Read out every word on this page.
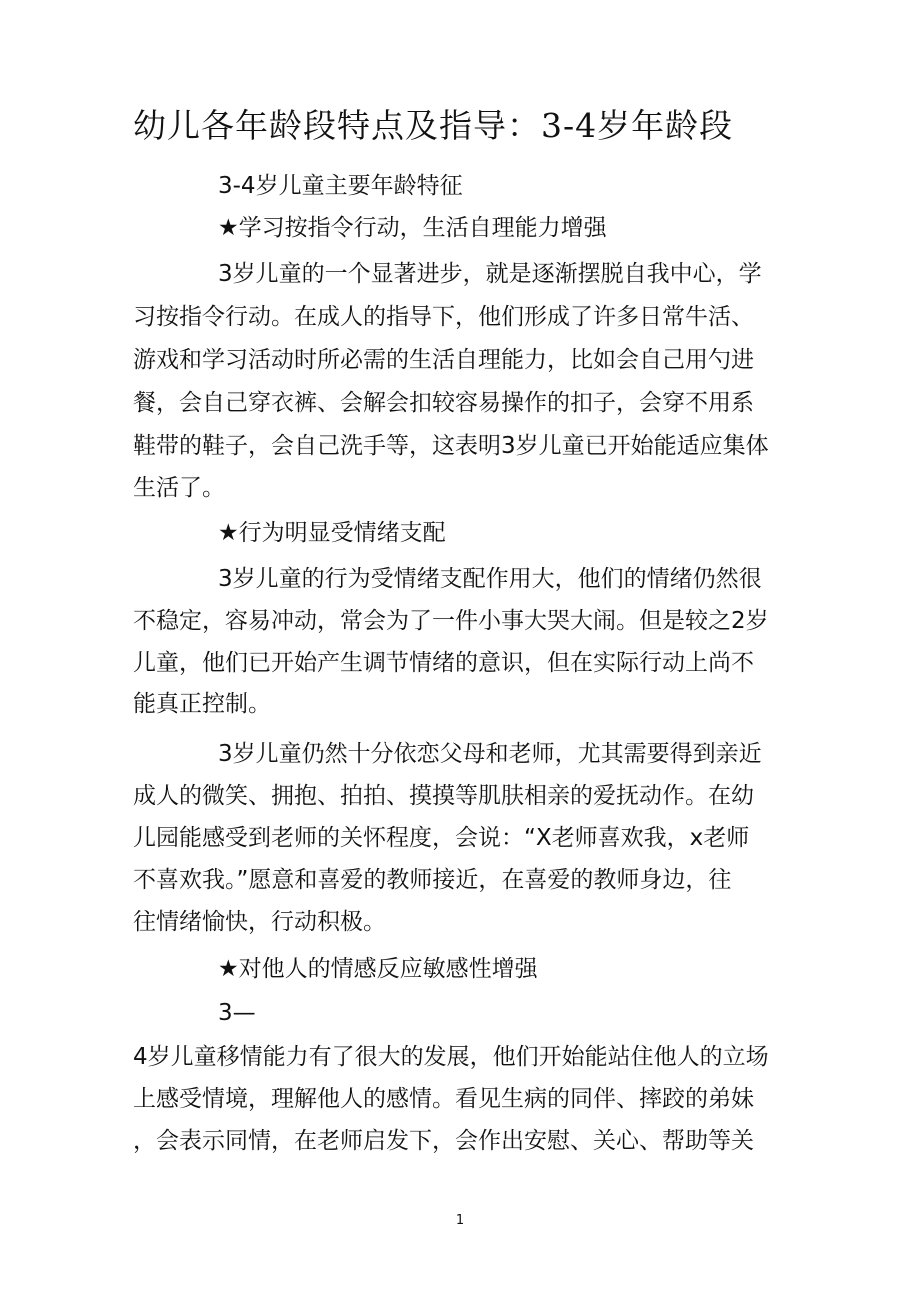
幼儿各年龄段特点及指导：3-4岁年龄段
3-4岁儿童主要年龄特征
★学习按指令行动，生活自理能力增强
3岁儿童的一个显著进步，就是逐渐摆脱自我中心，学
习按指令行动。在成人的指导下，他们形成了许多日常牛活、
游戏和学习活动时所必需的生活自理能力，比如会自己用勺进
餐，会自己穿衣裤、会解会扣较容易操作的扣子，会穿不用系
鞋带的鞋子，会自己洗手等，这表明3岁儿童已开始能适应集体
生活了。
★行为明显受情绪支配
3岁儿童的行为受情绪支配作用大，他们的情绪仍然很
不稳定，容易冲动，常会为了一件小事大哭大闹。但是较之2岁
儿童，他们已开始产生调节情绪的意识，但在实际行动上尚不
能真正控制。
3岁儿童仍然十分依恋父母和老师，尤其需要得到亲近
成人的微笑、拥抱、拍拍、摸摸等肌肤相亲的爱抚动作。在幼
儿园能感受到老师的关怀程度，会说：“X老师喜欢我，x老师
不喜欢我。”愿意和喜爱的教师接近，在喜爱的教师身边，往
往情绪愉快，行动积极。
★对他人的情感反应敏感性增强
3—
4岁儿童移情能力有了很大的发展，他们开始能站住他人的立场
上感受情境，理解他人的感情。看见生病的同伴、摔跤的弟妹
，会表示同情，在老师启发下，会作出安慰、关心、帮助等关
1
